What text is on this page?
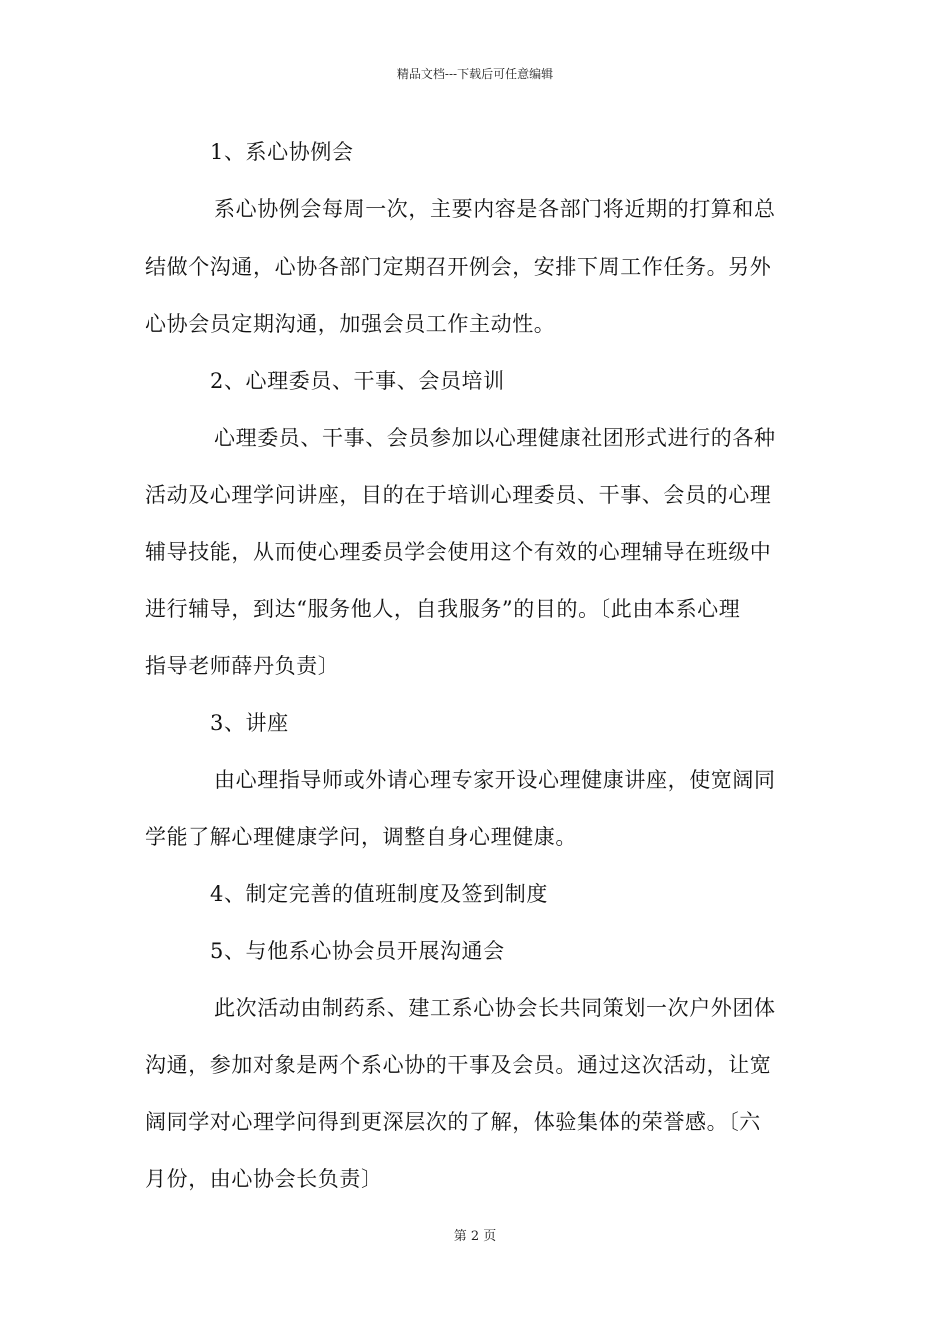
精品文档---下载后可任意编辑
1、系心协例会
系心协例会每周一次，主要内容是各部门将近期的打算和总
结做个沟通，心协各部门定期召开例会，安排下周工作任务。另外
心协会员定期沟通，加强会员工作主动性。
2、心理委员、干事、会员培训
心理委员、干事、会员参加以心理健康社团形式进行的各种
活动及心理学问讲座，目的在于培训心理委员、干事、会员的心理
辅导技能，从而使心理委员学会使用这个有效的心理辅导在班级中
进行辅导，到达“服务他人，自我服务”的目的。〔此由本系心理
指导老师薛丹负责〕
3、讲座
由心理指导师或外请心理专家开设心理健康讲座，使宽阔同
学能了解心理健康学问，调整自身心理健康。
4、制定完善的值班制度及签到制度
5、与他系心协会员开展沟通会
此次活动由制药系、建工系心协会长共同策划一次户外团体
沟通，参加对象是两个系心协的干事及会员。通过这次活动，让宽
阔同学对心理学问得到更深层次的了解，体验集体的荣誉感。〔六
月份，由心协会长负责〕
第 2 页
